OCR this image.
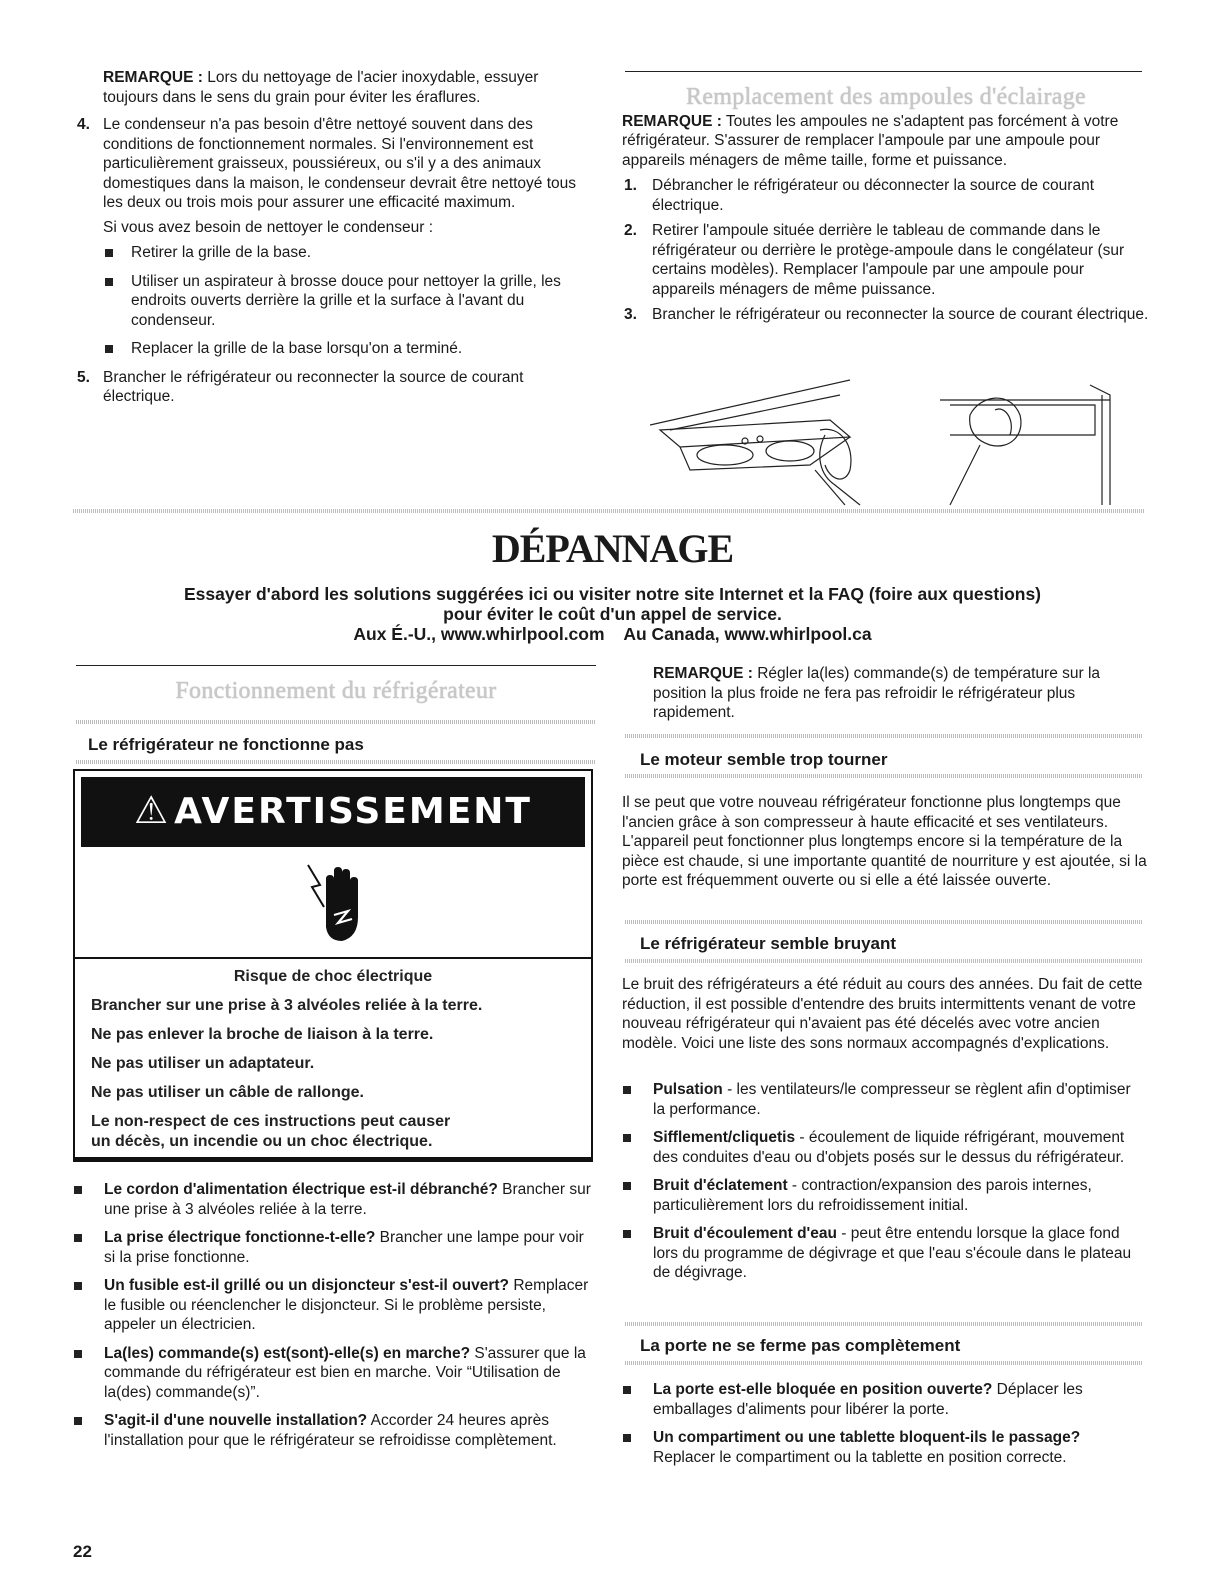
REMARQUE : Lors du nettoyage de l'acier inoxydable, essuyer toujours dans le sens du grain pour éviter les éraflures.

4. Le condenseur n'a pas besoin d'être nettoyé souvent dans des conditions de fonctionnement normales. Si l'environnement est particulièrement graisseux, poussiéreux, ou s'il y a des animaux domestiques dans la maison, le condenseur devrait être nettoyé tous les deux ou trois mois pour assurer une efficacité maximum.

Si vous avez besoin de nettoyer le condenseur :

Retirer la grille de la base.

Utiliser un aspirateur à brosse douce pour nettoyer la grille, les endroits ouverts derrière la grille et la surface à l'avant du condenseur.

Replacer la grille de la base lorsqu'on a terminé.

5. Brancher le réfrigérateur ou reconnecter la source de courant électrique.

Remplacement des ampoules d'éclairage

REMARQUE : Toutes les ampoules ne s'adaptent pas forcément à votre réfrigérateur. S'assurer de remplacer l'ampoule par une ampoule pour appareils ménagers de même taille, forme et puissance.

1. Débrancher le réfrigérateur ou déconnecter la source de courant électrique.

2. Retirer l'ampoule située derrière le tableau de commande dans le réfrigérateur ou derrière le protège-ampoule dans le congélateur (sur certains modèles). Remplacer l'ampoule par une ampoule pour appareils ménagers de même puissance.

3. Brancher le réfrigérateur ou reconnecter la source de courant électrique.

DÉPANNAGE

Essayer d'abord les solutions suggérées ici ou visiter notre site Internet et la FAQ (foire aux questions)

pour éviter le coût d'un appel de service.

Aux É.-U., www.whirlpool.com    Au Canada, www.whirlpool.ca

Fonctionnement du réfrigérateur

Le réfrigérateur ne fonctionne pas

⚠ AVERTISSEMENT

Risque de choc électrique

Brancher sur une prise à 3 alvéoles reliée à la terre.

Ne pas enlever la broche de liaison à la terre.

Ne pas utiliser un adaptateur.

Ne pas utiliser un câble de rallonge.

Le non-respect de ces instructions peut causer

un décès, un incendie ou un choc électrique.

Le cordon d'alimentation électrique est-il débranché? Brancher sur une prise à 3 alvéoles reliée à la terre.

La prise électrique fonctionne-t-elle? Brancher une lampe pour voir si la prise fonctionne.

Un fusible est-il grillé ou un disjoncteur s'est-il ouvert? Remplacer le fusible ou réenclencher le disjoncteur. Si le problème persiste, appeler un électricien.

La(les) commande(s) est(sont)-elle(s) en marche? S'assurer que la commande du réfrigérateur est bien en marche. Voir “Utilisation de la(des) commande(s)”.

S'agit-il d'une nouvelle installation? Accorder 24 heures après l'installation pour que le réfrigérateur se refroidisse complètement.

REMARQUE : Régler la(les) commande(s) de température sur la position la plus froide ne fera pas refroidir le réfrigérateur plus rapidement.

Le moteur semble trop tourner

Il se peut que votre nouveau réfrigérateur fonctionne plus longtemps que l'ancien grâce à son compresseur à haute efficacité et ses ventilateurs. L'appareil peut fonctionner plus longtemps encore si la température de la pièce est chaude, si une importante quantité de nourriture y est ajoutée, si la porte est fréquemment ouverte ou si elle a été laissée ouverte.

Le réfrigérateur semble bruyant

Le bruit des réfrigérateurs a été réduit au cours des années. Du fait de cette réduction, il est possible d'entendre des bruits intermittents venant de votre nouveau réfrigérateur qui n'avaient pas été décelés avec votre ancien modèle. Voici une liste des sons normaux accompagnés d'explications.

Pulsation - les ventilateurs/le compresseur se règlent afin d'optimiser la performance.

Sifflement/cliquetis - écoulement de liquide réfrigérant, mouvement des conduites d'eau ou d'objets posés sur le dessus du réfrigérateur.

Bruit d'éclatement - contraction/expansion des parois internes, particulièrement lors du refroidissement initial.

Bruit d'écoulement d'eau - peut être entendu lorsque la glace fond lors du programme de dégivrage et que l'eau s'écoule dans le plateau de dégivrage.

La porte ne se ferme pas complètement

La porte est-elle bloquée en position ouverte? Déplacer les emballages d'aliments pour libérer la porte.

Un compartiment ou une tablette bloquent-ils le passage? Replacer le compartiment ou la tablette en position correcte.

22
